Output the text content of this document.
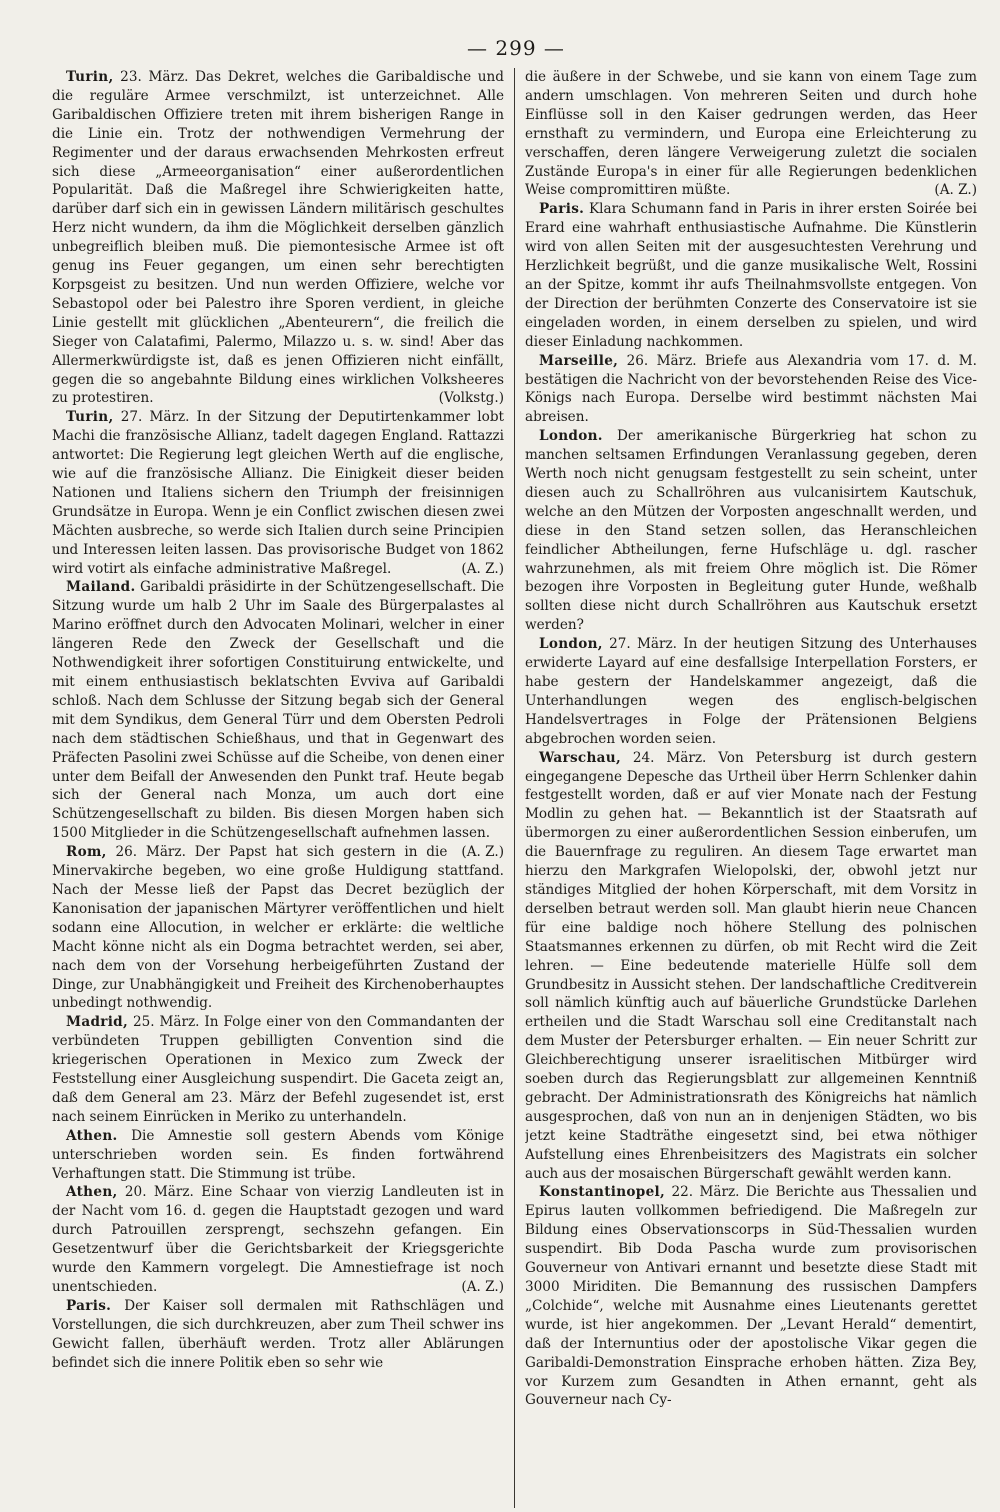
— 299 —

Turin, 23. März. Das Dekret, welches die Garibaldische und die reguläre Armee verschmilzt, ist unterzeichnet. Alle Garibaldischen Offiziere treten mit ihrem bisherigen Range in die Linie ein. Trotz der nothwendigen Vermehrung der Regimenter und der daraus erwachsenden Mehrkosten erfreut sich diese „Armeeorganisation“ einer außerordentlichen Popularität. Daß die Maßregel ihre Schwierigkeiten hatte, darüber darf sich ein in gewissen Ländern militärisch geschultes Herz nicht wundern, da ihm die Möglichkeit derselben gänzlich unbegreiflich bleiben muß. Die piemontesische Armee ist oft genug ins Feuer gegangen, um einen sehr berechtigten Korpsgeist zu besitzen. Und nun werden Offiziere, welche vor Sebastopol oder bei Palestro ihre Sporen verdient, in gleiche Linie gestellt mit glücklichen „Abenteurern“, die freilich die Sieger von Calatafimi, Palermo, Milazzo u. s. w. sind! Aber das Allermerkwürdigste ist, daß es jenen Offizieren nicht einfällt, gegen die so angebahnte Bildung eines wirklichen Volksheeres zu protestiren.	(Volkstg.)

Turin, 27. März. In der Sitzung der Deputirtenkammer lobt Machi die französische Allianz, tadelt dagegen England. Rattazzi antwortet: Die Regierung legt gleichen Werth auf die englische, wie auf die französische Allianz. Die Einigkeit dieser beiden Nationen und Italiens sichern den Triumph der freisinnigen Grundsätze in Europa. Wenn je ein Conflict zwischen diesen zwei Mächten ausbreche, so werde sich Italien durch seine Principien und Interessen leiten lassen. Das provisorische Budget von 1862 wird votirt als einfache administrative Maßregel.	(A. Z.)

Mailand. Garibaldi präsidirte in der Schützengesellschaft. Die Sitzung wurde um halb 2 Uhr im Saale des Bürgerpalastes al Marino eröffnet durch den Advocaten Molinari, welcher in einer längeren Rede den Zweck der Gesellschaft und die Nothwendigkeit ihrer sofortigen Constituirung entwickelte, und mit einem enthusiastisch beklatschten Evviva auf Garibaldi schloß. Nach dem Schlusse der Sitzung begab sich der General mit dem Syndikus, dem General Türr und dem Obersten Pedroli nach dem städtischen Schießhaus, und that in Gegenwart des Präfecten Pasolini zwei Schüsse auf die Scheibe, von denen einer unter dem Beifall der Anwesenden den Punkt traf. Heute begab sich der General nach Monza, um auch dort eine Schützengesellschaft zu bilden. Bis diesen Morgen haben sich 1500 Mitglieder in die Schützengesellschaft aufnehmen lassen.
(A. Z.)

Rom, 26. März. Der Papst hat sich gestern in die Minervakirche begeben, wo eine große Huldigung stattfand. Nach der Messe ließ der Papst das Decret bezüglich der Kanonisation der japanischen Märtyrer veröffentlichen und hielt sodann eine Allocution, in welcher er erklärte: die weltliche Macht könne nicht als ein Dogma betrachtet werden, sei aber, nach dem von der Vorsehung herbeigeführten Zustand der Dinge, zur Unabhängigkeit und Freiheit des Kirchenoberhauptes unbedingt nothwendig.

Madrid, 25. März. In Folge einer von den Commandanten der verbündeten Truppen gebilligten Convention sind die kriegerischen Operationen in Mexico zum Zweck der Feststellung einer Ausgleichung suspendirt. Die Gaceta zeigt an, daß dem General am 23. März der Befehl zugesendet ist, erst nach seinem Einrücken in Meriko zu unterhandeln.

Athen. Die Amnestie soll gestern Abends vom Könige unterschrieben worden sein. Es finden fortwährend Verhaftungen statt. Die Stimmung ist trübe.

Athen, 20. März. Eine Schaar von vierzig Landleuten ist in der Nacht vom 16. d. gegen die Hauptstadt gezogen und ward durch Patrouillen zersprengt, sechszehn gefangen. Ein Gesetzentwurf über die Gerichtsbarkeit der Kriegsgerichte wurde den Kammern vorgelegt. Die Amnestiefrage ist noch unentschieden.	(A. Z.)

Paris. Der Kaiser soll dermalen mit Rathschlägen und Vorstellungen, die sich durchkreuzen, aber zum Theil schwer ins Gewicht fallen, überhäuft werden. Trotz aller Ablärungen befindet sich die innere Politik eben so sehr wie

die äußere in der Schwebe, und sie kann von einem Tage zum andern umschlagen. Von mehreren Seiten und durch hohe Einflüsse soll in den Kaiser gedrungen werden, das Heer ernsthaft zu vermindern, und Europa eine Erleichterung zu verschaffen, deren längere Verweigerung zuletzt die socialen Zustände Europa's in einer für alle Regierungen bedenklichen Weise compromittiren müßte.	(A. Z.)

Paris. Klara Schumann fand in Paris in ihrer ersten Soirée bei Erard eine wahrhaft enthusiastische Aufnahme. Die Künstlerin wird von allen Seiten mit der ausgesuchtesten Verehrung und Herzlichkeit begrüßt, und die ganze musikalische Welt, Rossini an der Spitze, kommt ihr aufs Theilnahmsvollste entgegen. Von der Direction der berühmten Conzerte des Conservatoire ist sie eingeladen worden, in einem derselben zu spielen, und wird dieser Einladung nachkommen.

Marseille, 26. März. Briefe aus Alexandria vom 17. d. M. bestätigen die Nachricht von der bevorstehenden Reise des Vice-Königs nach Europa. Derselbe wird bestimmt nächsten Mai abreisen.

London. Der amerikanische Bürgerkrieg hat schon zu manchen seltsamen Erfindungen Veranlassung gegeben, deren Werth noch nicht genugsam festgestellt zu sein scheint, unter diesen auch zu Schallröhren aus vulcanisirtem Kautschuk, welche an den Mützen der Vorposten angeschnallt werden, und diese in den Stand setzen sollen, das Heranschleichen feindlicher Abtheilungen, ferne Hufschläge u. dgl. rascher wahrzunehmen, als mit freiem Ohre möglich ist. Die Römer bezogen ihre Vorposten in Begleitung guter Hunde, weßhalb sollten diese nicht durch Schallröhren aus Kautschuk ersetzt werden?

London, 27. März. In der heutigen Sitzung des Unterhauses erwiderte Layard auf eine desfallsige Interpellation Forsters, er habe gestern der Handelskammer angezeigt, daß die Unterhandlungen wegen des englisch-belgischen Handelsvertrages in Folge der Prätensionen Belgiens abgebrochen worden seien.

Warschau, 24. März. Von Petersburg ist durch gestern eingegangene Depesche das Urtheil über Herrn Schlenker dahin festgestellt worden, daß er auf vier Monate nach der Festung Modlin zu gehen hat. — Bekanntlich ist der Staatsrath auf übermorgen zu einer außerordentlichen Session einberufen, um die Bauernfrage zu reguliren. An diesem Tage erwartet man hierzu den Markgrafen Wielopolski, der, obwohl jetzt nur ständiges Mitglied der hohen Körperschaft, mit dem Vorsitz in derselben betraut werden soll. Man glaubt hierin neue Chancen für eine baldige noch höhere Stellung des polnischen Staatsmannes erkennen zu dürfen, ob mit Recht wird die Zeit lehren. — Eine bedeutende materielle Hülfe soll dem Grundbesitz in Aussicht stehen. Der landschaftliche Creditverein soll nämlich künftig auch auf bäuerliche Grundstücke Darlehen ertheilen und die Stadt Warschau soll eine Creditanstalt nach dem Muster der Petersburger erhalten. — Ein neuer Schritt zur Gleichberechtigung unserer israelitischen Mitbürger wird soeben durch das Regierungsblatt zur allgemeinen Kenntniß gebracht. Der Administrationsrath des Königreichs hat nämlich ausgesprochen, daß von nun an in denjenigen Städten, wo bis jetzt keine Stadträthe eingesetzt sind, bei etwa nöthiger Aufstellung eines Ehrenbeisitzers des Magistrats ein solcher auch aus der mosaischen Bürgerschaft gewählt werden kann.

Konstantinopel, 22. März. Die Berichte aus Thessalien und Epirus lauten vollkommen befriedigend. Die Maßregeln zur Bildung eines Observationscorps in Süd-Thessalien wurden suspendirt. Bib Doda Pascha wurde zum provisorischen Gouverneur von Antivari ernannt und besetzte diese Stadt mit 3000 Miriditen. Die Bemannung des russischen Dampfers „Colchide“, welche mit Ausnahme eines Lieutenants gerettet wurde, ist hier angekommen. Der „Levant Herald“ dementirt, daß der Internuntius oder der apostolische Vikar gegen die Garibaldi-Demonstration Einsprache erhoben hätten. Ziza Bey, vor Kurzem zum Gesandten in Athen ernannt, geht als Gouverneur nach Cy-
